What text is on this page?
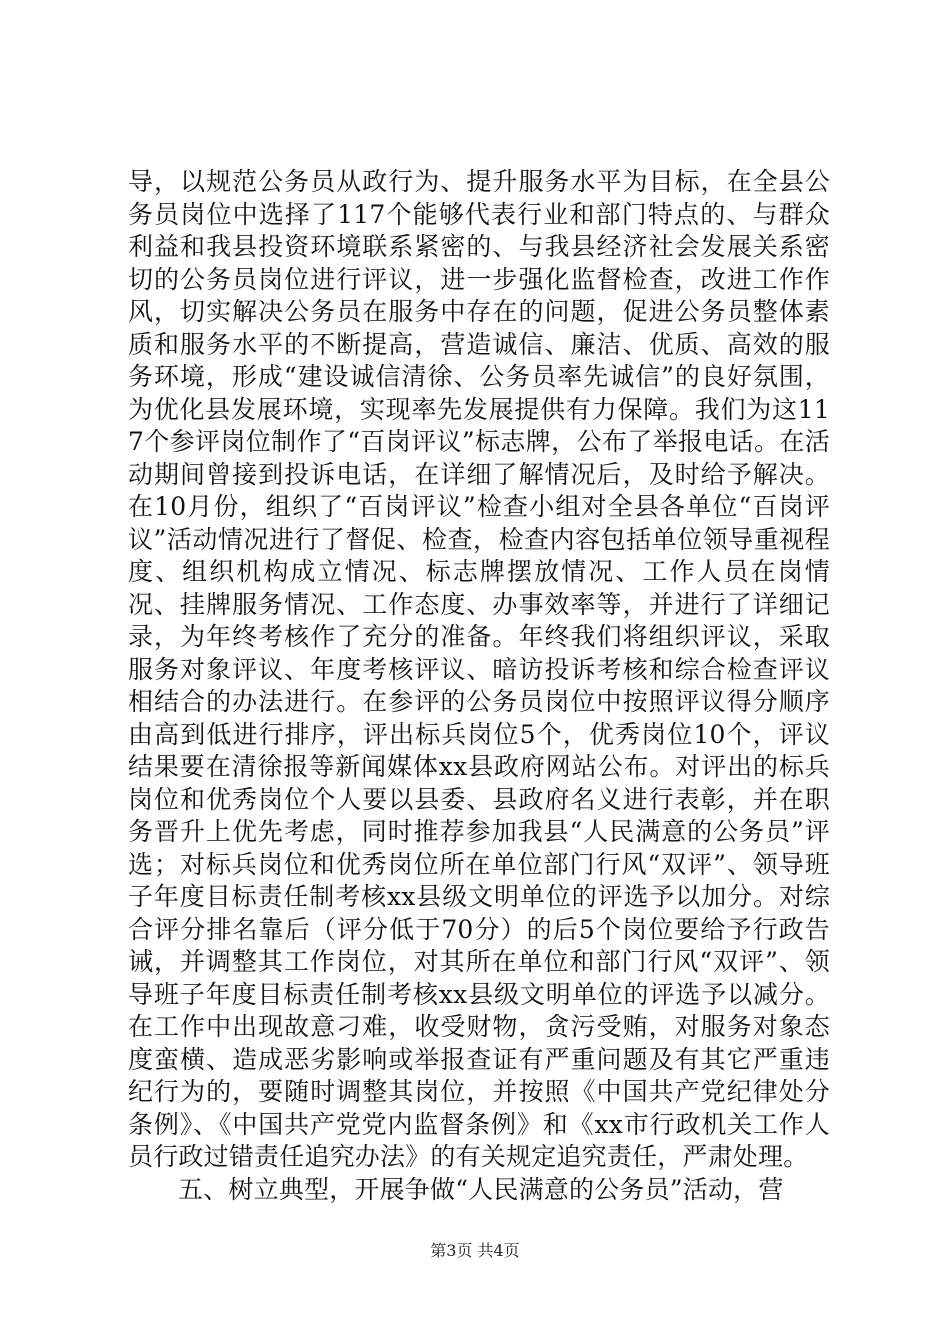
导，以规范公务员从政行为、提升服务水平为目标，在全县公务员岗位中选择了117个能够代表行业和部门特点的、与群众利益和我县投资环境联系紧密的、与我县经济社会发展关系密切的公务员岗位进行评议，进一步强化监督检查，改进工作作风，切实解决公务员在服务中存在的问题，促进公务员整体素质和服务水平的不断提高，营造诚信、廉洁、优质、高效的服务环境，形成“建设诚信清徐、公务员率先诚信”的良好氛围，为优化县发展环境，实现率先发展提供有力保障。我们为这117个参评岗位制作了“百岗评议”标志牌，公布了举报电话。在活动期间曾接到投诉电话，在详细了解情况后，及时给予解决。在10月份，组织了“百岗评议”检查小组对全县各单位“百岗评议”活动情况进行了督促、检查，检查内容包括单位领导重视程度、组织机构成立情况、标志牌摆放情况、工作人员在岗情况、挂牌服务情况、工作态度、办事效率等，并进行了详细记录，为年终考核作了充分的准备。年终我们将组织评议，采取服务对象评议、年度考核评议、暗访投诉考核和综合检查评议相结合的办法进行。在参评的公务员岗位中按照评议得分顺序由高到低进行排序，评出标兵岗位5个，优秀岗位10个，评议结果要在清徐报等新闻媒体xx县政府网站公布。对评出的标兵岗位和优秀岗位个人要以县委、县政府名义进行表彰，并在职务晋升上优先考虑，同时推荐参加我县“人民满意的公务员”评选；对标兵岗位和优秀岗位所在单位部门行风“双评”、领导班子年度目标责任制考核xx县级文明单位的评选予以加分。对综合评分排名靠后（评分低于70分）的后5个岗位要给予行政告诫，并调整其工作岗位，对其所在单位和部门行风“双评”、领导班子年度目标责任制考核xx县级文明单位的评选予以减分。在工作中出现故意刁难，收受财物，贪污受贿，对服务对象态度蛮横、造成恶劣影响或举报查证有严重问题及有其它严重违纪行为的，要随时调整其岗位，并按照《中国共产党纪律处分条例》、《中国共产党党内监督条例》和《xx市行政机关工作人员行政过错责任追究办法》的有关规定追究责任，严肃处理。

五、树立典型，开展争做“人民满意的公务员”活动，营

第3页 共4页
